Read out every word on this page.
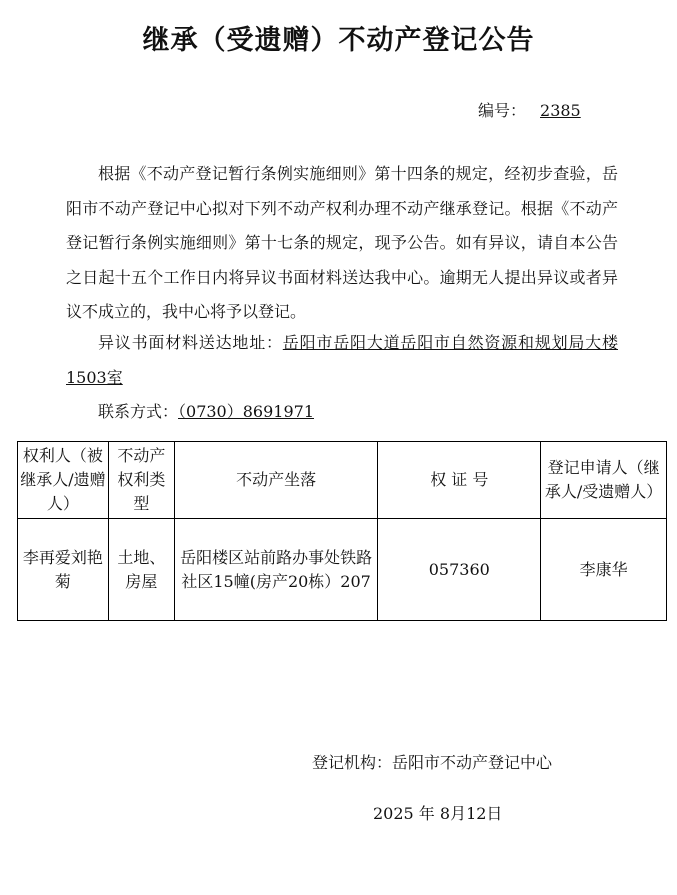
继承（受遗赠）不动产登记公告
编号： 2385

根据《不动产登记暂行条例实施细则》第十四条的规定，经初步查验，岳阳市不动产登记中心拟对下列不动产权利办理不动产继承登记。根据《不动产登记暂行条例实施细则》第十七条的规定，现予公告。如有异议，请自本公告之日起十五个工作日内将异议书面材料送达我中心。逾期无人提出异议或者异议不成立的，我中心将予以登记。

异议书面材料送达地址：岳阳市岳阳大道岳阳市自然资源和规划局大楼1503室

联系方式：（0730）8691971

权利人（被继承人/遗赠人）	不动产权利类型	不动产坐落	权 证 号	登记申请人（继承人/受遗赠人）
李再爱刘艳菊	土地、房屋	岳阳楼区站前路办事处铁路社区15幢(房产20栋）207	057360	李康华
登记机构：岳阳市不动产登记中心
2025 年 8月12日
